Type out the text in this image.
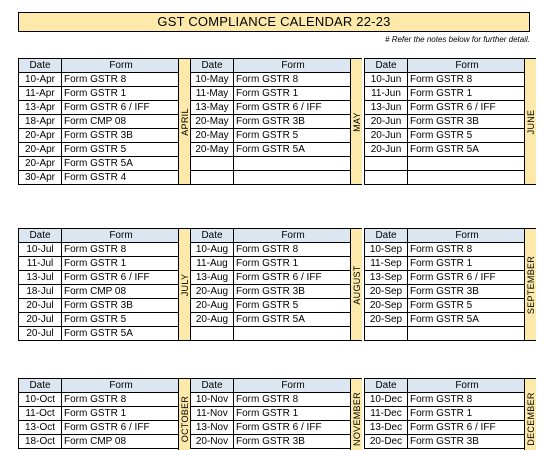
GST COMPLIANCE CALENDAR 22-23
# Refer the notes below for further detail.
Date	Form
10-Apr	Form GSTR 8
11-Apr	Form GSTR 1
13-Apr	Form GSTR 6 / IFF
18-Apr	Form CMP 08
20-Apr	Form GSTR 3B
20-Apr	Form GSTR 5
20-Apr	Form GSTR 5A
30-Apr	Form GSTR 4
APRIL
Date	Form
10-May	Form GSTR 8
11-May	Form GSTR 1
13-May	Form GSTR 6 / IFF
20-May	Form GSTR 3B
20-May	Form GSTR 5
20-May	Form GSTR 5A

MAY
Date	Form
10-Jun	Form GSTR 8
11-Jun	Form GSTR 1
13-Jun	Form GSTR 6 / IFF
20-Jun	Form GSTR 3B
20-Jun	Form GSTR 5
20-Jun	Form GSTR 5A

JUNE
Date	Form
10-Jul	Form GSTR 8
11-Jul	Form GSTR 1
13-Jul	Form GSTR 6 / IFF
18-Jul	Form CMP 08
20-Jul	Form GSTR 3B
20-Jul	Form GSTR 5
20-Jul	Form GSTR 5A
JULY
Date	Form
10-Aug	Form GSTR 8
11-Aug	Form GSTR 1
13-Aug	Form GSTR 6 / IFF
20-Aug	Form GSTR 3B
20-Aug	Form GSTR 5
20-Aug	Form GSTR 5A

AUGUST
Date	Form
10-Sep	Form GSTR 8
11-Sep	Form GSTR 1
13-Sep	Form GSTR 6 / IFF
20-Sep	Form GSTR 3B
20-Sep	Form GSTR 5
20-Sep	Form GSTR 5A

SEPTEMBER
Date	Form
10-Oct	Form GSTR 8
11-Oct	Form GSTR 1
13-Oct	Form GSTR 6 / IFF
18-Oct	Form CMP 08	OCTOBER
Date	Form
10-Nov	Form GSTR 8
11-Nov	Form GSTR 1
13-Nov	Form GSTR 6 / IFF
20-Nov	Form GSTR 3B	NOVEMBER
Date	Form
10-Dec	Form GSTR 8
11-Dec	Form GSTR 1
13-Dec	Form GSTR 6 / IFF
20-Dec	Form GSTR 3B	DECEMBER
